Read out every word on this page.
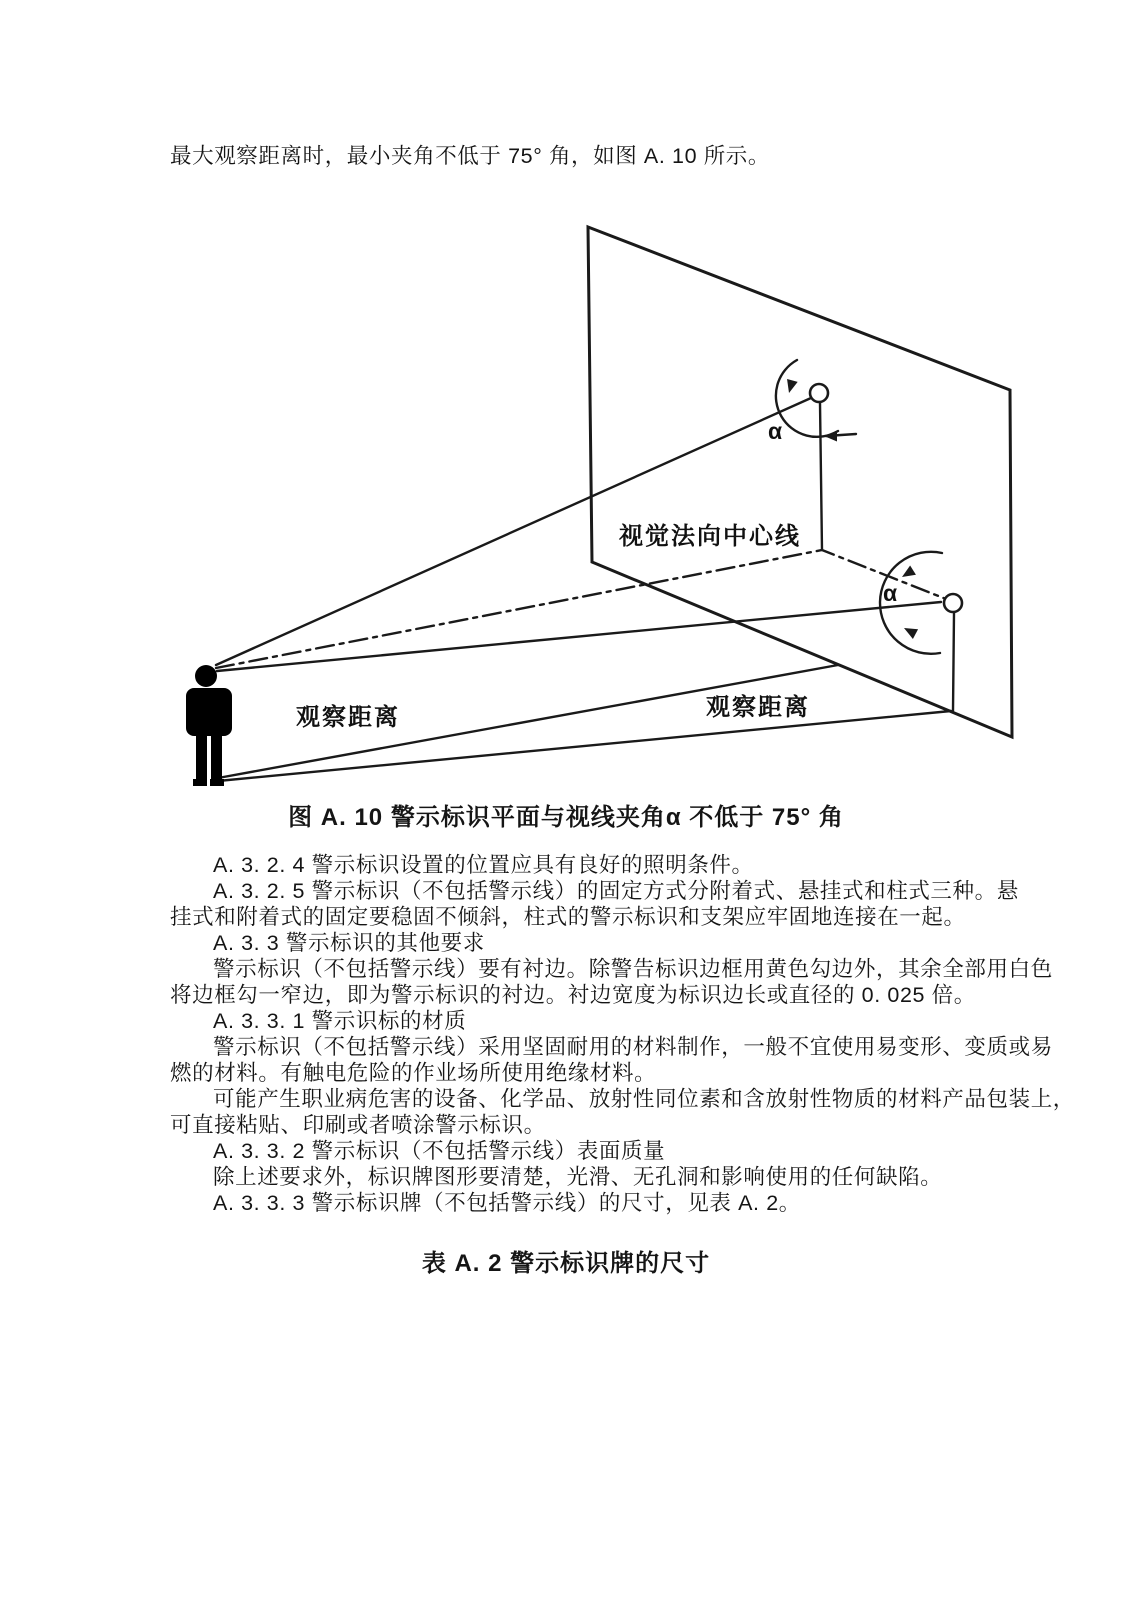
最大观察距离时，最小夹角不低于 75° 角，如图 A. 10 所示。
视觉法向中心线
观察距离	观察距离
α
α
图 A. 10 警示标识平面与视线夹角α 不低于 75° 角
A. 3. 2. 4 警示标识设置的位置应具有良好的照明条件。
A. 3. 2. 5 警示标识（不包括警示线）的固定方式分附着式、悬挂式和柱式三种。悬
挂式和附着式的固定要稳固不倾斜，柱式的警示标识和支架应牢固地连接在一起。
A. 3. 3 警示标识的其他要求
警示标识（不包括警示线）要有衬边。除警告标识边框用黄色勾边外，其余全部用白色
将边框勾一窄边，即为警示标识的衬边。衬边宽度为标识边长或直径的 0. 025 倍。
A. 3. 3. 1 警示识标的材质
警示标识（不包括警示线）采用坚固耐用的材料制作，一般不宜使用易变形、变质或易
燃的材料。有触电危险的作业场所使用绝缘材料。
可能产生职业病危害的设备、化学品、放射性同位素和含放射性物质的材料产品包装上，
可直接粘贴、印刷或者喷涂警示标识。
A. 3. 3. 2 警示标识（不包括警示线）表面质量
除上述要求外，标识牌图形要清楚，光滑、无孔洞和影响使用的任何缺陷。
A. 3. 3. 3 警示标识牌（不包括警示线）的尺寸，见表 A. 2。
表 A. 2 警示标识牌的尺寸
